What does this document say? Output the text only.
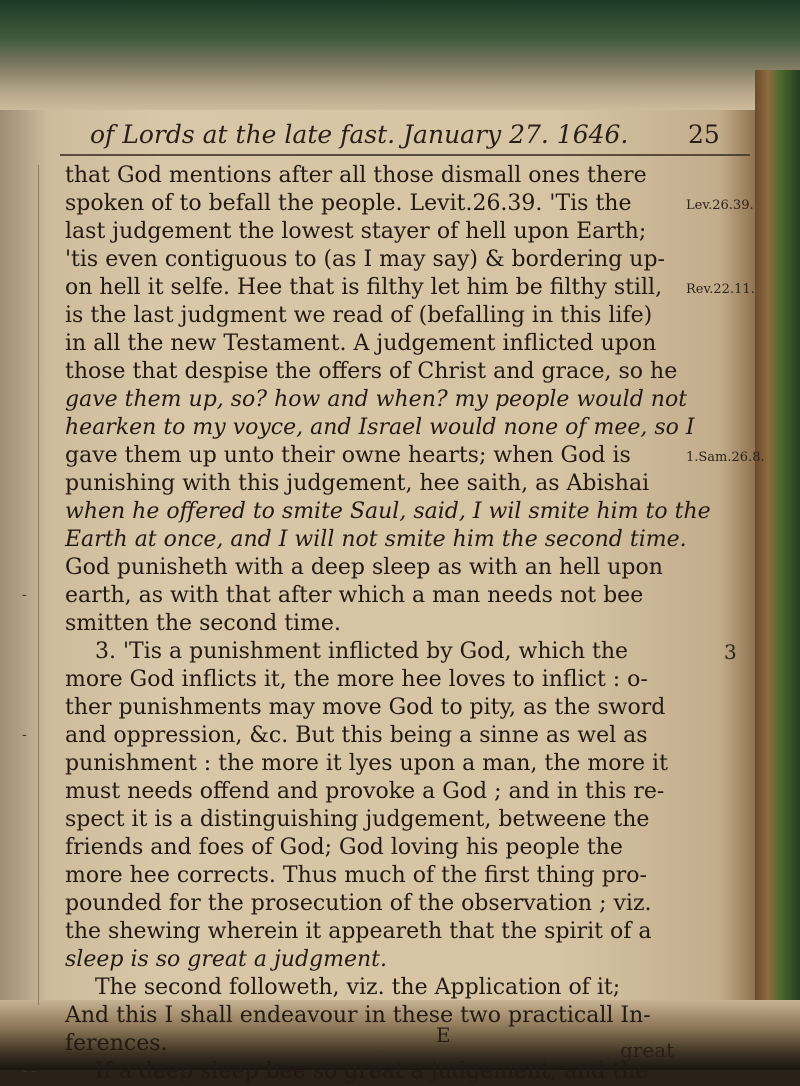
of Lords at the late fast. January 27. 1646. 25
that God mentions after all those dismall ones there
spoken of to befall the people. Levit.26.39. 'Tis the
last judgement the lowest stayer of hell upon Earth;
'tis even contiguous to (as I may say) & bordering up-
on hell it selfe. Hee that is filthy let him be filthy still,
is the last judgment we read of (befalling in this life)
in all the new Testament. A judgement inflicted upon
those that despise the offers of Christ and grace, so he
gave them up, so? how and when? my people would not
hearken to my voyce, and Israel would none of mee, so I
gave them up unto their owne hearts; when God is
punishing with this judgement, hee saith, as Abishai
when he offered to smite Saul, said, I wil smite him to the
Earth at once, and I will not smite him the second time.
God punisheth with a deep sleep as with an hell upon
earth, as with that after which a man needs not bee
smitten the second time.
3. 'Tis a punishment inflicted by God, which the
more God inflicts it, the more hee loves to inflict : o-
ther punishments may move God to pity, as the sword
and oppression, &c. But this being a sinne as wel as
punishment : the more it lyes upon a man, the more it
must needs offend and provoke a God ; and in this re-
spect it is a distinguishing judgement, betweene the
friends and foes of God; God loving his people the
more hee corrects. Thus much of the first thing pro-
pounded for the prosecution of the observation ; viz.
the shewing wherein it appeareth that the spirit of a
sleep is so great a judgment.
The second followeth, viz. the Application of it;
And this I shall endeavour in these two practicall In-
ferences.
If a deep sleep bee so great a judgement, and the
Lev.26.39.
Rev.22.11.
1.Sam.26.8.
3
-
-
- -
E
great
